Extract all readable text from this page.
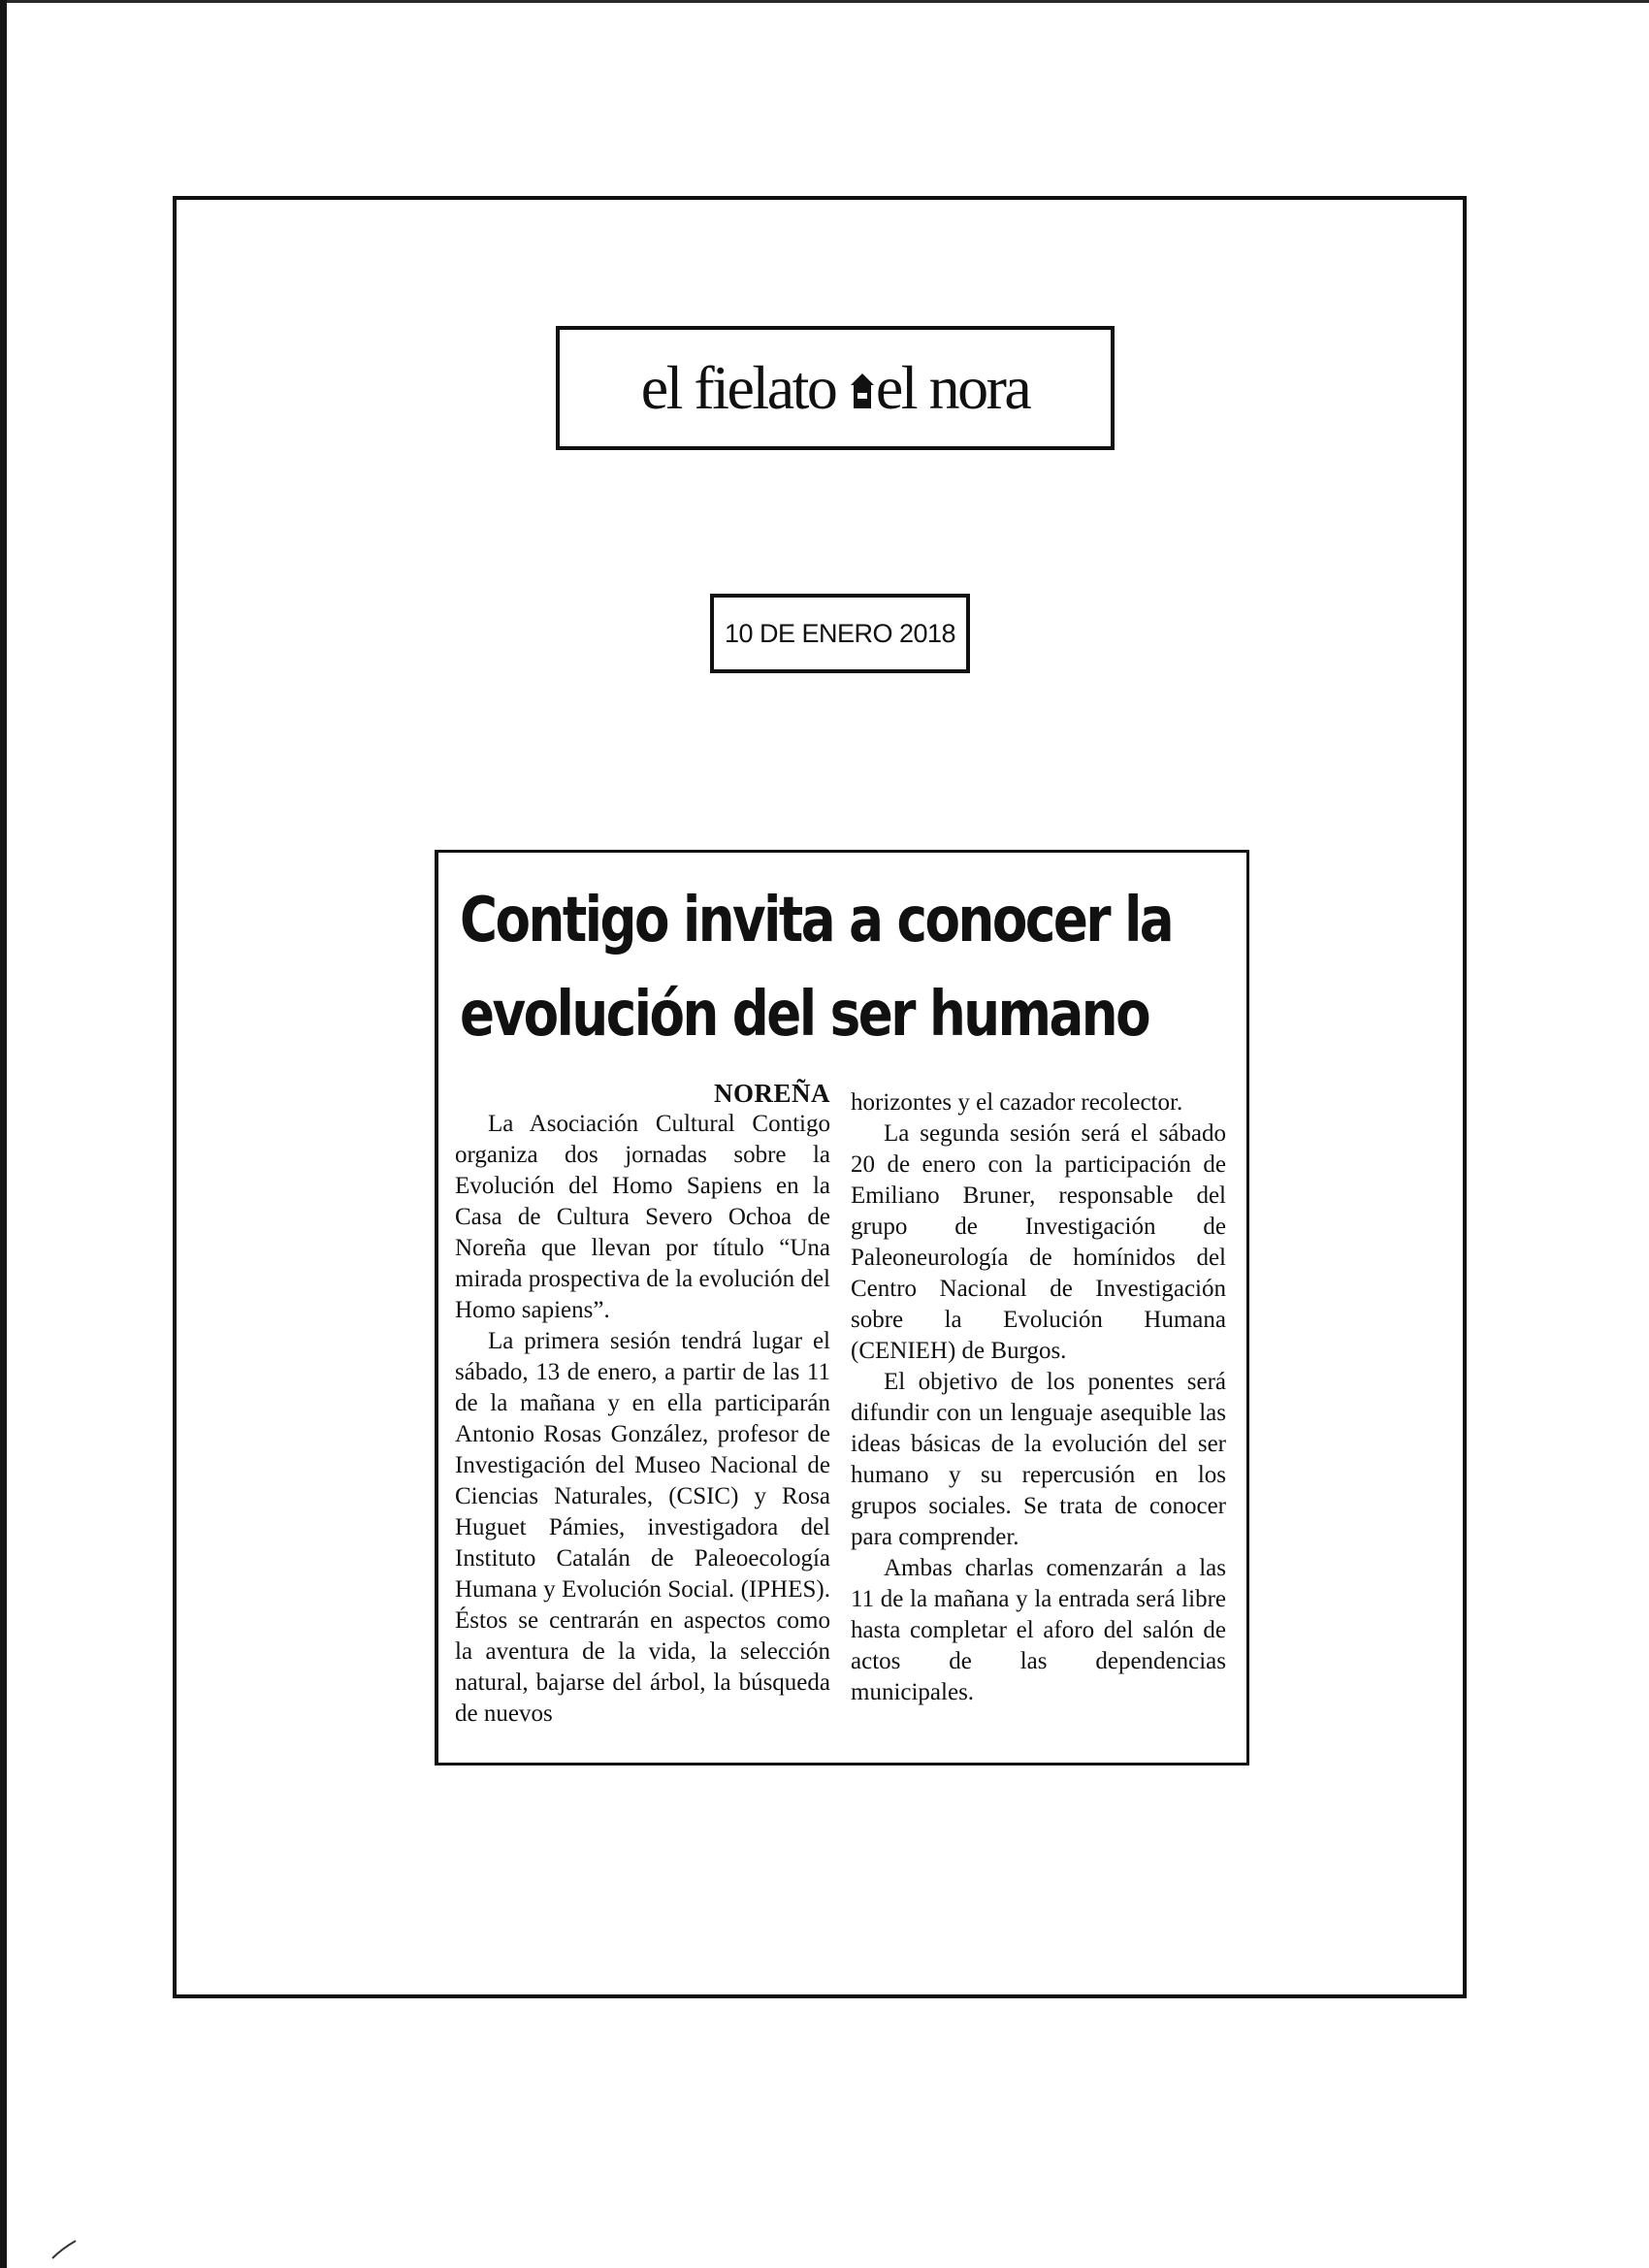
el fielato el nora
10 DE ENERO 2018
Contigo invita a conocer la
evolución del ser humano

NOREÑA

La Asociación Cultural Contigo organiza dos jornadas sobre la Evolución del Homo Sapiens en la Casa de Cultura Severo Ochoa de Noreña que llevan por título “Una mirada prospectiva de la evolución del Homo sapiens”.

La primera sesión tendrá lugar el sábado, 13 de enero, a partir de las 11 de la mañana y en ella participarán Antonio Rosas González, profesor de Investigación del Museo Nacional de Ciencias Naturales, (CSIC) y Rosa Huguet Pámies, investigadora del Instituto Catalán de Paleoecología Humana y Evolución Social. (IPHES). Éstos se centrarán en aspectos como la aventura de la vida, la selección natural, bajarse del árbol, la búsqueda de nuevos

horizontes y el cazador recolector.

La segunda sesión será el sábado 20 de enero con la participación de Emiliano Bruner, responsable del grupo de Investigación de Paleoneurología de homínidos del Centro Nacional de Investigación sobre la Evolución Humana (CENIEH) de Burgos.

El objetivo de los ponentes será difundir con un lenguaje asequible las ideas básicas de la evolución del ser humano y su repercusión en los grupos sociales. Se trata de conocer para comprender.

Ambas charlas comenzarán a las 11 de la mañana y la entrada será libre hasta completar el aforo del salón de actos de las dependencias municipales.
